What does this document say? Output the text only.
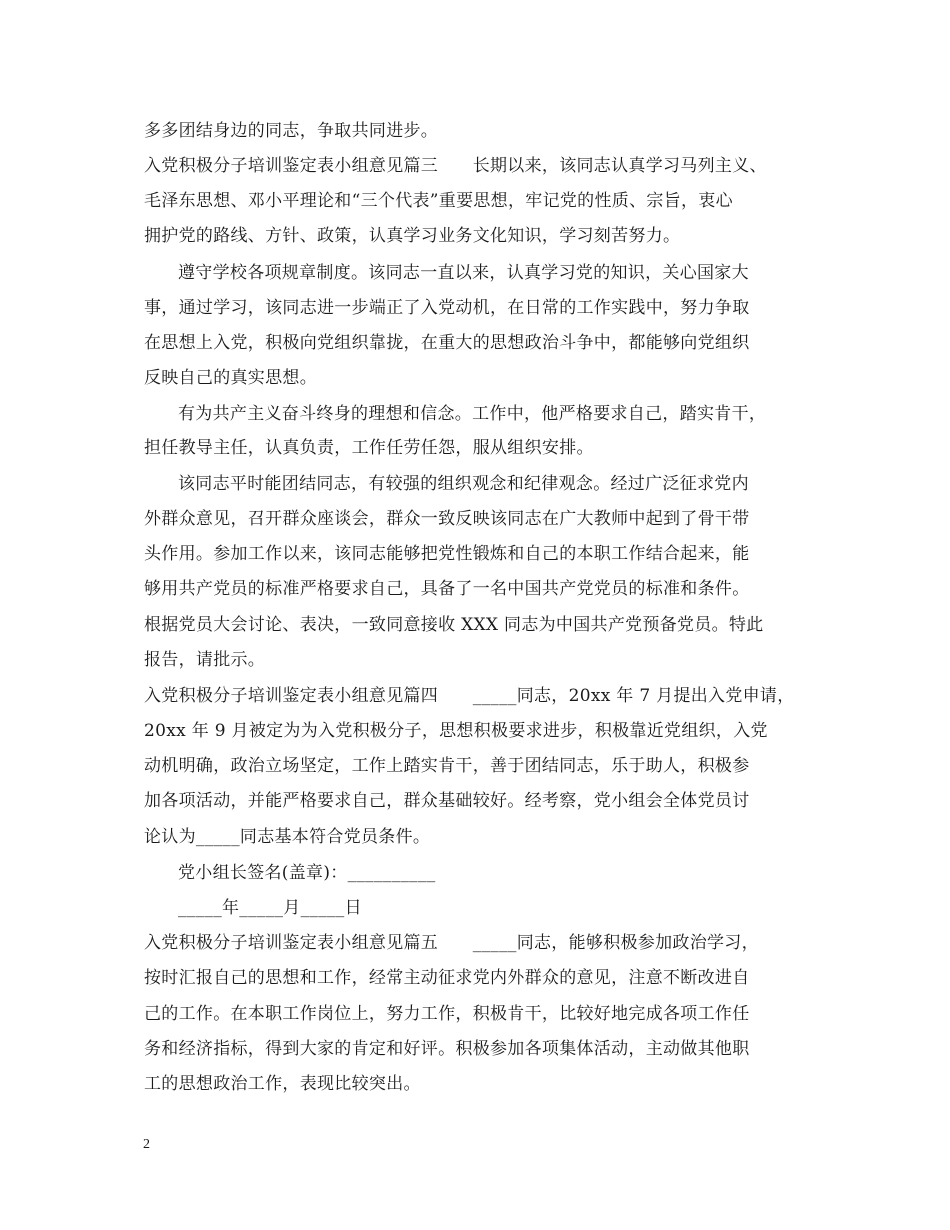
多多团结身边的同志，争取共同进步。
入党积极分子培训鉴定表小组意见篇三　　长期以来，该同志认真学习马列主义、
毛泽东思想、邓小平理论和“三个代表”重要思想，牢记党的性质、宗旨，衷心
拥护党的路线、方针、政策，认真学习业务文化知识，学习刻苦努力。
遵守学校各项规章制度。该同志一直以来，认真学习党的知识，关心国家大
事，通过学习，该同志进一步端正了入党动机，在日常的工作实践中，努力争取
在思想上入党，积极向党组织靠拢，在重大的思想政治斗争中，都能够向党组织
反映自己的真实思想。
有为共产主义奋斗终身的理想和信念。工作中，他严格要求自己，踏实肯干，
担任教导主任，认真负责，工作任劳任怨，服从组织安排。
该同志平时能团结同志，有较强的组织观念和纪律观念。经过广泛征求党内
外群众意见，召开群众座谈会，群众一致反映该同志在广大教师中起到了骨干带
头作用。参加工作以来，该同志能够把党性锻炼和自己的本职工作结合起来，能
够用共产党员的标准严格要求自己，具备了一名中国共产党党员的标准和条件。
根据党员大会讨论、表决，一致同意接收 XXX 同志为中国共产党预备党员。特此
报告，请批示。
入党积极分子培训鉴定表小组意见篇四　　_____同志，20xx 年 7 月提出入党申请，
20xx 年 9 月被定为为入党积极分子，思想积极要求进步，积极靠近党组织，入党
动机明确，政治立场坚定，工作上踏实肯干，善于团结同志，乐于助人，积极参
加各项活动，并能严格要求自己，群众基础较好。经考察，党小组会全体党员讨
论认为_____同志基本符合党员条件。
党小组长签名(盖章)：__________
_____年_____月_____日
入党积极分子培训鉴定表小组意见篇五　　_____同志，能够积极参加政治学习，
按时汇报自己的思想和工作，经常主动征求党内外群众的意见，注意不断改进自
己的工作。在本职工作岗位上，努力工作，积极肯干，比较好地完成各项工作任
务和经济指标，得到大家的肯定和好评。积极参加各项集体活动，主动做其他职
工的思想政治工作，表现比较突出。
2
